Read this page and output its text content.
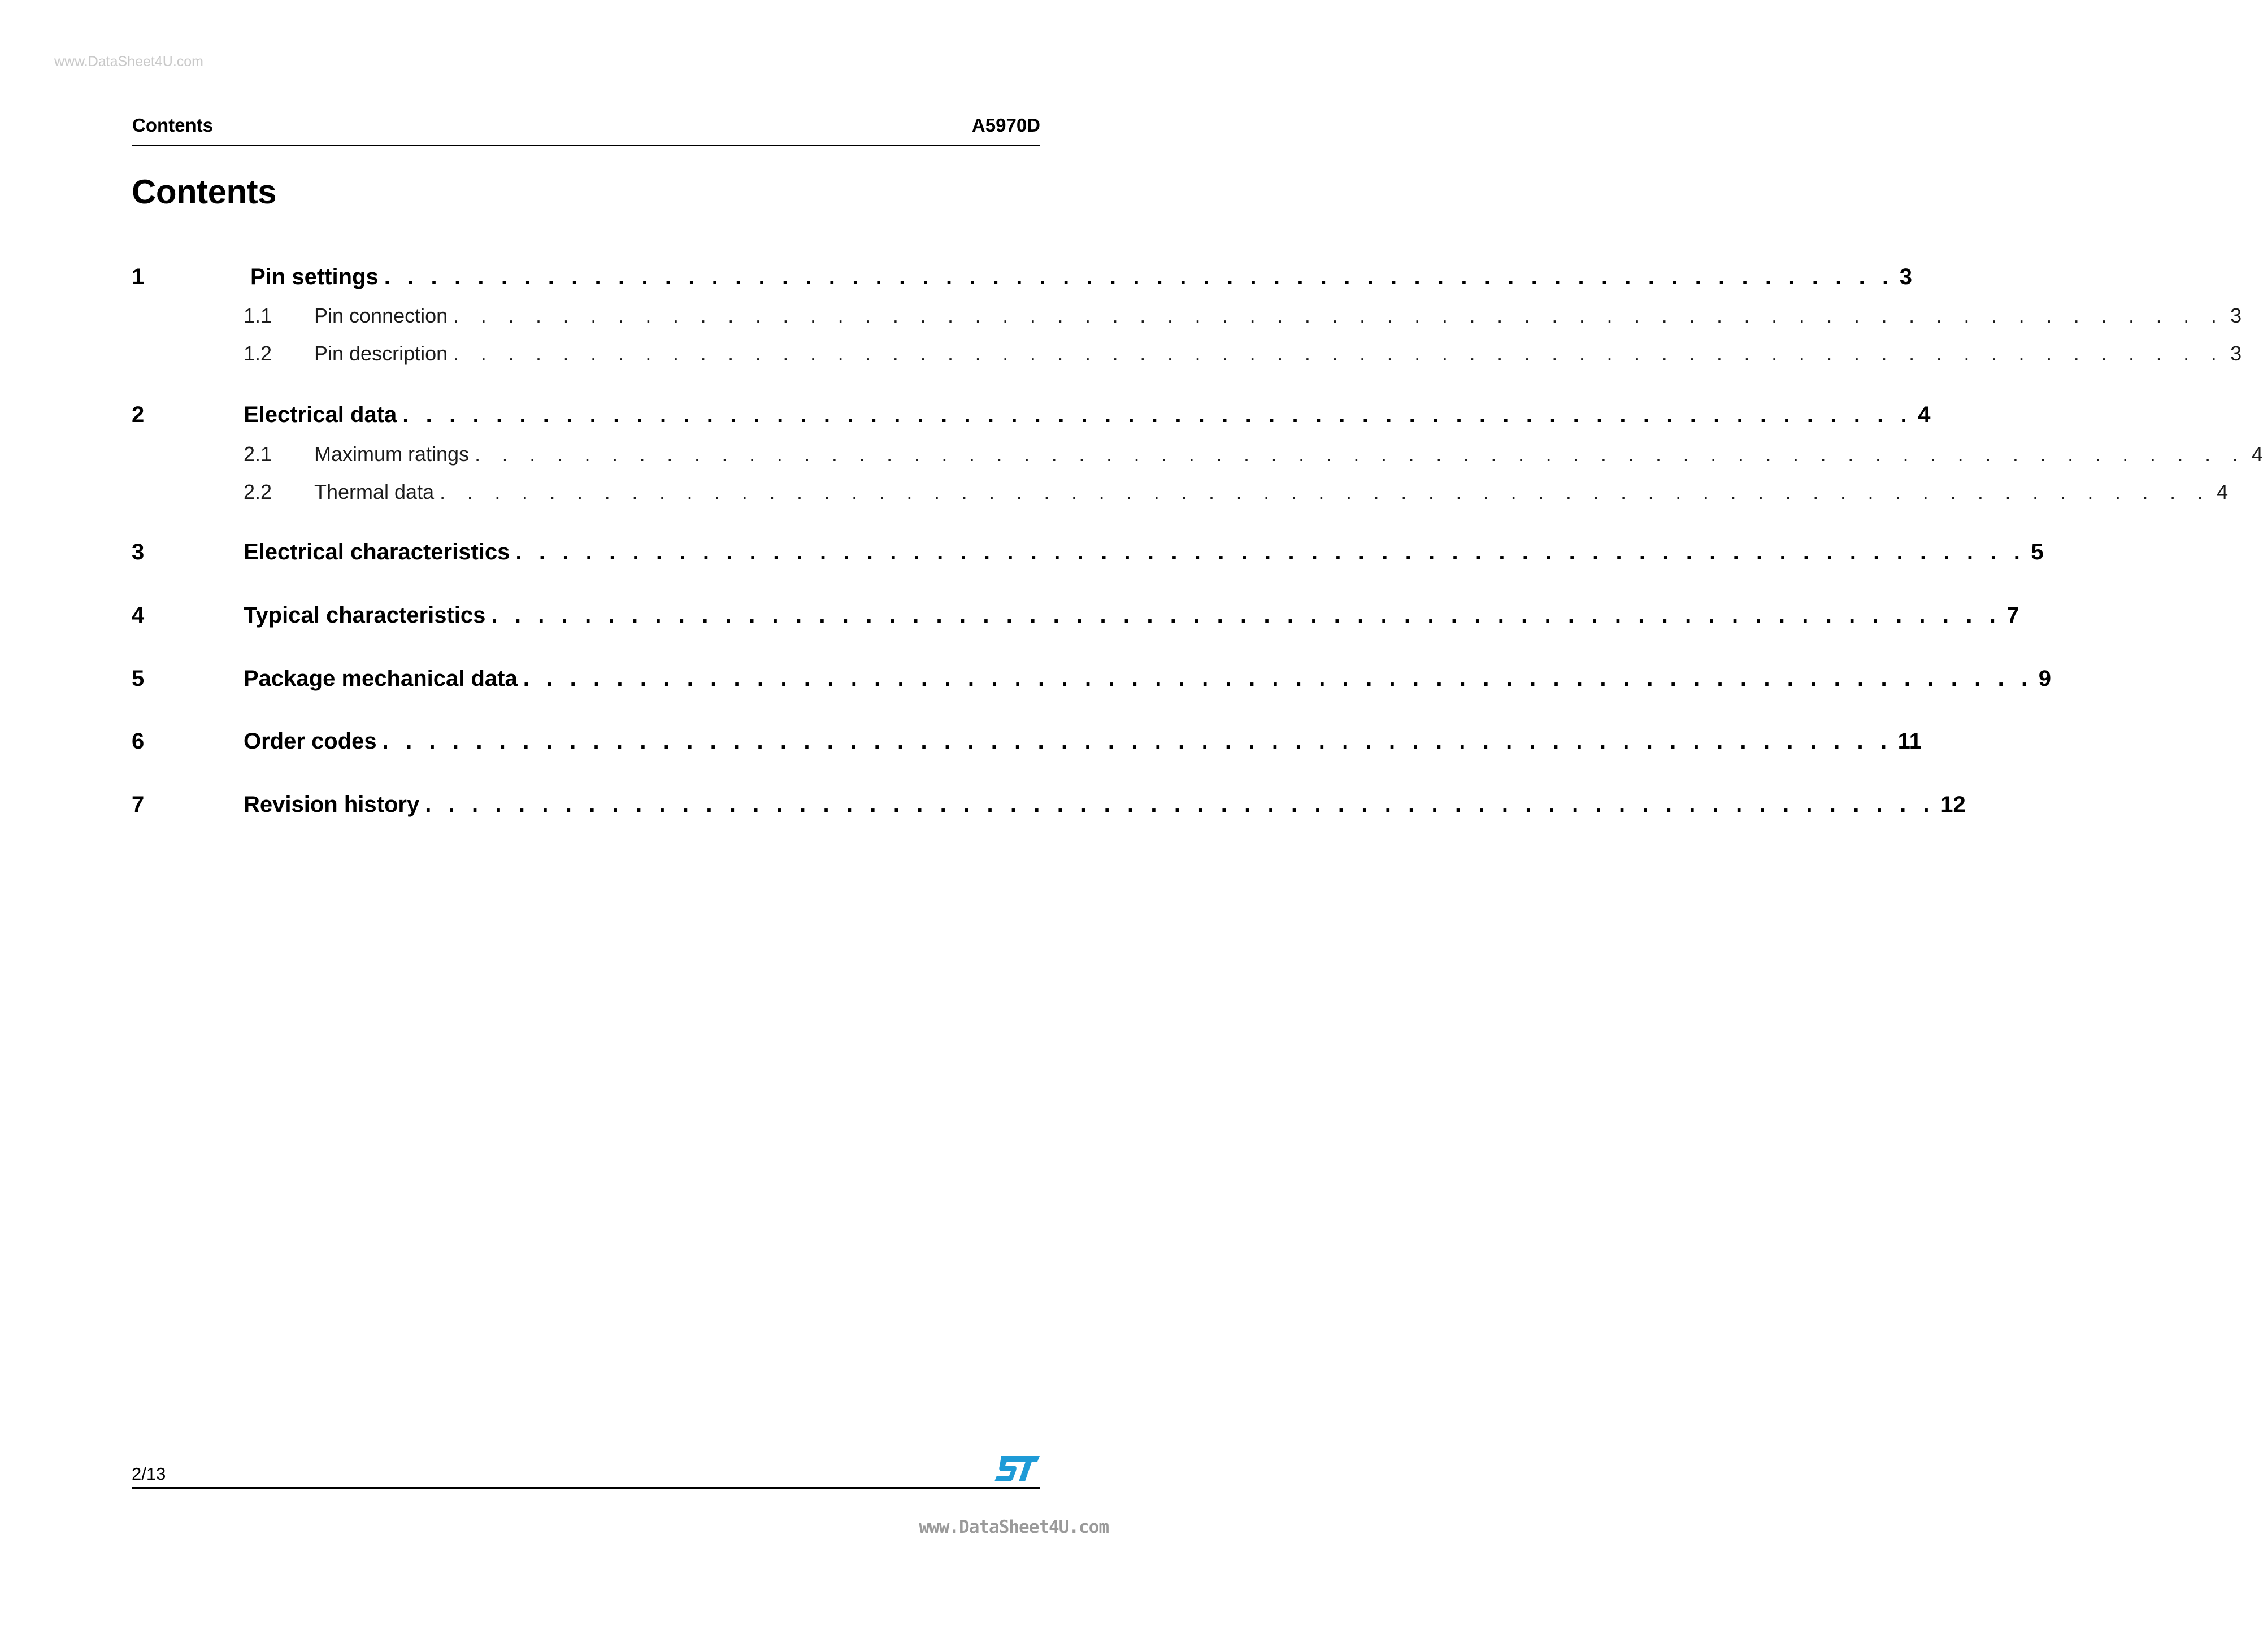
www.DataSheet4U.com
Contents	A5970D
Contents
1	Pin settings . . . . . . . . . . . . . . . . . . . . . . . . . . . . . . . . . . . . . . . . . . . . . . . . . . . . . . . . . . . . . . . . . 3
1.1 Pin connection . . . . . . . . . . . . . . . . . . . . . . . . . . . . . . . . . . . . . . . . . . . . . . . . . . . . . . . . . . . . . . . . . 3
1.2 Pin description . . . . . . . . . . . . . . . . . . . . . . . . . . . . . . . . . . . . . . . . . . . . . . . . . . . . . . . . . . . . . . . . . 3
2	Electrical data . . . . . . . . . . . . . . . . . . . . . . . . . . . . . . . . . . . . . . . . . . . . . . . . . . . . . . . . . . . . . . . . . 4
2.1 Maximum ratings . . . . . . . . . . . . . . . . . . . . . . . . . . . . . . . . . . . . . . . . . . . . . . . . . . . . . . . . . . . . . . . . . 4
2.2 Thermal data . . . . . . . . . . . . . . . . . . . . . . . . . . . . . . . . . . . . . . . . . . . . . . . . . . . . . . . . . . . . . . . . . 4
3	Electrical characteristics . . . . . . . . . . . . . . . . . . . . . . . . . . . . . . . . . . . . . . . . . . . . . . . . . . . . . . . . . . . . . . . . . 5
4	Typical characteristics . . . . . . . . . . . . . . . . . . . . . . . . . . . . . . . . . . . . . . . . . . . . . . . . . . . . . . . . . . . . . . . . . 7
5	Package mechanical data . . . . . . . . . . . . . . . . . . . . . . . . . . . . . . . . . . . . . . . . . . . . . . . . . . . . . . . . . . . . . . . . . 9
6	Order codes . . . . . . . . . . . . . . . . . . . . . . . . . . . . . . . . . . . . . . . . . . . . . . . . . . . . . . . . . . . . . . . . . 11
7	Revision history . . . . . . . . . . . . . . . . . . . . . . . . . . . . . . . . . . . . . . . . . . . . . . . . . . . . . . . . . . . . . . . . . 12
2/13
www.DataSheet4U.com
